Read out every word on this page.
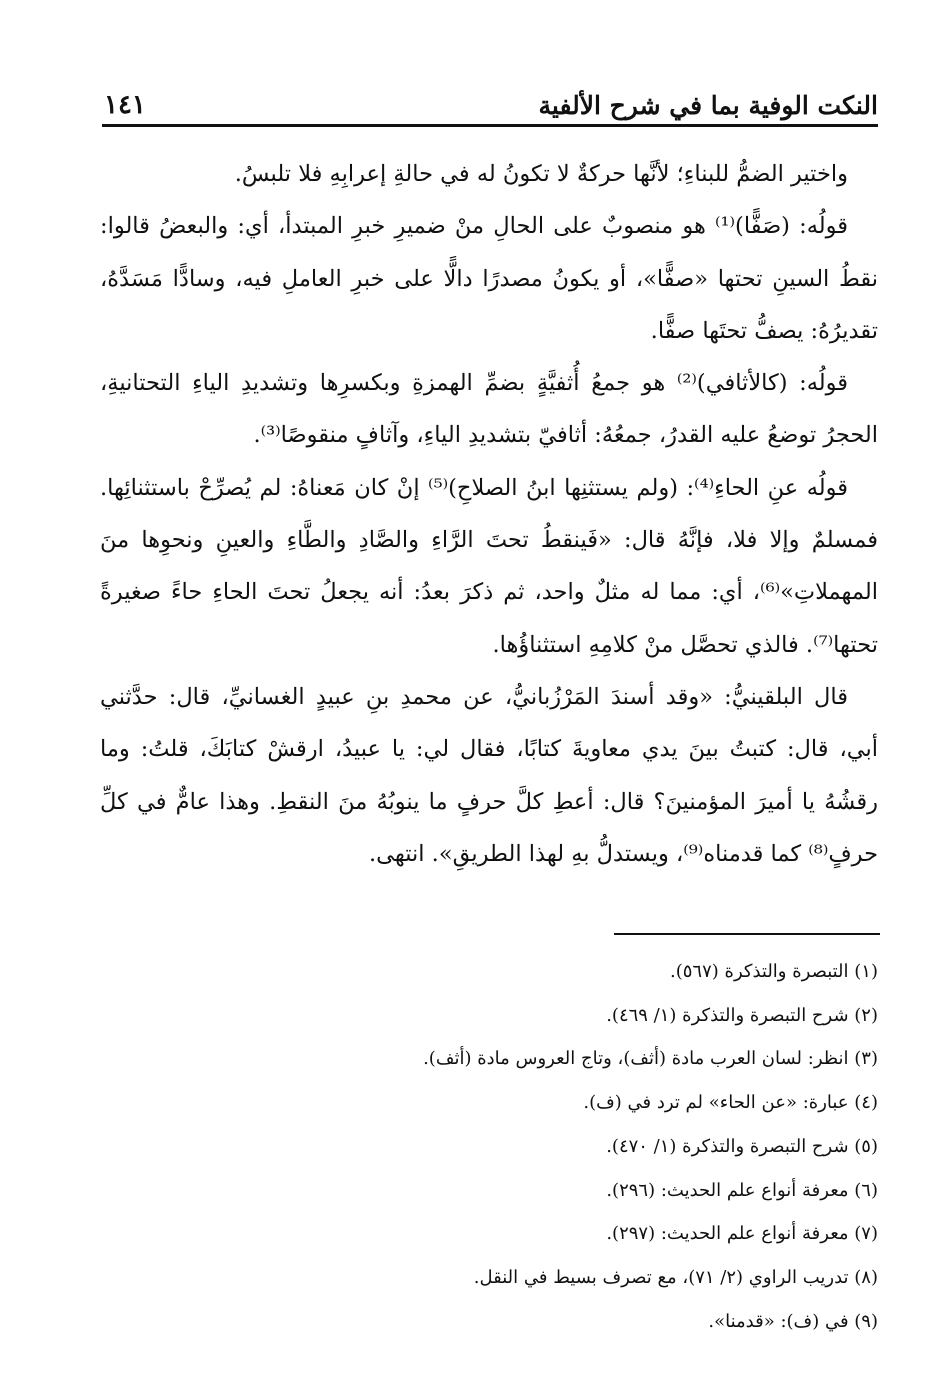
النكت الوفية بما في شرح الألفية
١٤١

واختير الضمُّ للبناءِ؛ لأنَّها حركةٌ لا تكونُ له في حالةِ إعرابِهِ فلا تلبسُ.

قولُه: (صَفًّا)⁽¹⁾ هو منصوبٌ على الحالِ منْ ضميرِ خبرِ المبتدأ، أي: والبعضُ قالوا: نقطُ السينِ تحتها «صفًّا»، أو يكونُ مصدرًا دالًّا على خبرِ العاملِ فيه، وسادًّا مَسَدَّهُ، تقديرُهُ: يصفُّ تحتَها صفًّا.

قولُه: (كالأثافي)⁽²⁾ هو جمعُ أُثفيَّةٍ بضمِّ الهمزةِ وبكسرِها وتشديدِ الياءِ التحتانيةِ، الحجرُ توضعُ عليه القدرُ، جمعُهُ: أثافيّ بتشديدِ الياءِ، وآثافٍ منقوصًا⁽³⁾.

قولُه عنِ الحاءِ⁽⁴⁾: (ولم يستثنِها ابنُ الصلاحِ)⁽⁵⁾ إنْ كان مَعناهُ: لم يُصرِّحْ باستثنائِها. فمسلمٌ وإلا فلا، فإنَّهُ قال: «فَينقطُ تحتَ الرَّاءِ والصَّادِ والطَّاءِ والعينِ ونحوِها منَ المهملاتِ»⁽⁶⁾، أي: مما له مثلٌ واحد، ثم ذكرَ بعدُ: أنه يجعلُ تحتَ الحاءِ حاءً صغيرةً تحتها⁽⁷⁾. فالذي تحصَّل منْ كلامِهِ استثناؤُها.

قال البلقينيُّ: «وقد أسندَ المَرْزُبانيُّ، عن محمدِ بنِ عبيدٍ الغسانيِّ، قال: حدَّثني أبي، قال: كتبتُ بينَ يدي معاويةَ كتابًا، فقال لي: يا عبيدُ، ارقشْ كتابَكَ، قلتُ: وما رقشُهُ يا أميرَ المؤمنينَ؟ قال: أعطِ كلَّ حرفٍ ما ينوبُهُ منَ النقطِ. وهذا عامٌّ في كلِّ حرفٍ⁽⁸⁾ كما قدمناه⁽⁹⁾، ويستدلُّ بهِ لهذا الطريقِ». انتهى.

(١) التبصرة والتذكرة (٥٦٧).
(٢) شرح التبصرة والتذكرة (١/ ٤٦٩).
(٣) انظر: لسان العرب مادة (أثف)، وتاج العروس مادة (أثف).
(٤) عبارة: «عن الحاء» لم ترد في (ف).
(٥) شرح التبصرة والتذكرة (١/ ٤٧٠).
(٦) معرفة أنواع علم الحديث: (٢٩٦).
(٧) معرفة أنواع علم الحديث: (٢٩٧).
(٨) تدريب الراوي (٢/ ٧١)، مع تصرف بسيط في النقل.
(٩) في (ف): «قدمنا».
